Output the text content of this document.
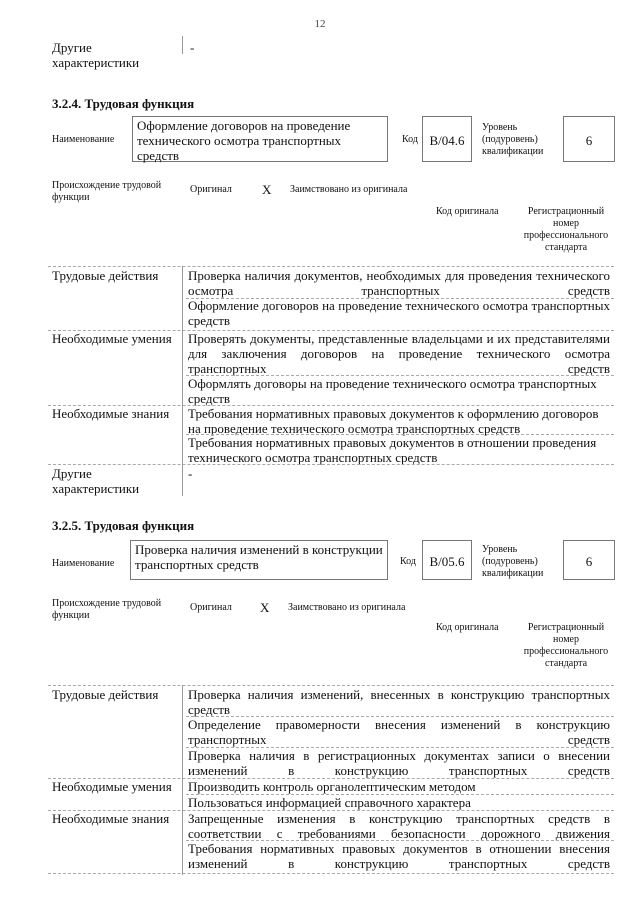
12
Другие характеристики
-
3.2.4. Трудовая функция
Наименование
Оформление договоров на проведение технического осмотра транспортных средств
Код B/04.6
Уровень (подуровень) квалификации
6
Происхождение трудовой функции
Оригинал X Заимствовано из оригинала
Код оригинала	Регистрационный номер профессионального стандарта
Трудовые действия Проверка наличия документов, необходимых для проведения технического осмотра транспортных средств
Оформление договоров на проведение технического осмотра транспортных средств
Необходимые умения Проверять документы, представленные владельцами и их представителями для заключения договоров на проведение технического осмотра транспортных средств
Оформлять договоры на проведение технического осмотра транспортных средств
Необходимые знания Требования нормативных правовых документов к оформлению договоров на проведение технического осмотра транспортных средств
Требования нормативных правовых документов в отношении проведения технического осмотра транспортных средств
Другие характеристики
-
3.2.5. Трудовая функция
Наименование
Проверка наличия изменений в конструкции транспортных средств	Код	B/05.6
Уровень (подуровень) квалификации
6
Происхождение трудовой функции
Оригинал X Заимствовано из оригинала
Код оригинала	Регистрационный номер профессионального стандарта
Трудовые действия Проверка наличия изменений, внесенных в конструкцию транспортных средств
Определение правомерности внесения изменений в конструкцию транспортных средств
Проверка наличия в регистрационных документах записи о внесении изменений в конструкцию транспортных средств
Необходимые умения Производить контроль органолептическим методом
Пользоваться информацией справочного характера
Необходимые знания Запрещенные изменения в конструкцию транспортных средств в соответствии с требованиями безопасности дорожного движения
Требования нормативных правовых документов в отношении внесения изменений в конструкцию транспортных средств
